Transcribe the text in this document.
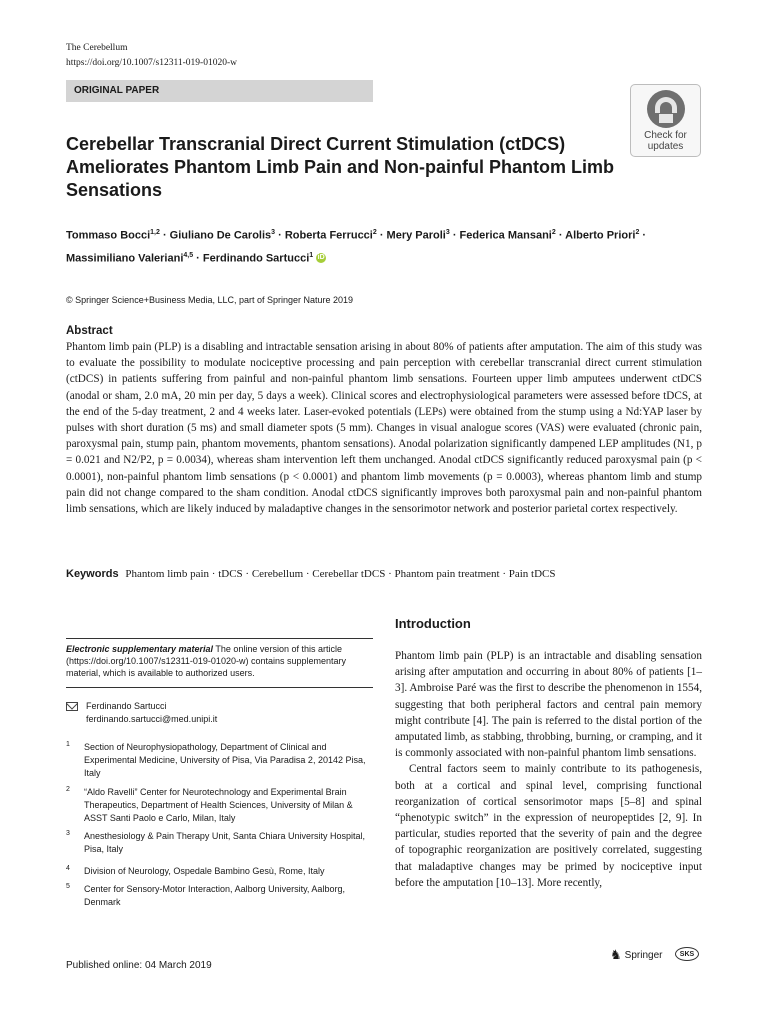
The Cerebellum
https://doi.org/10.1007/s12311-019-01020-w
ORIGINAL PAPER
Check for
updates
Cerebellar Transcranial Direct Current Stimulation (ctDCS) Ameliorates Phantom Limb Pain and Non-painful Phantom Limb Sensations
Tommaso Bocci$^{1,2}$ · Giuliano De Carolis$^3$ · Roberta Ferrucci$^2$ · Mery Paroli$^3$ · Federica Mansani$^2$ · Alberto Priori$^2$ ·
Massimiliano Valeriani$^{4,5}$ · Ferdinando Sartucci$^1$ iD
© Springer Science+Business Media, LLC, part of Springer Nature 2019
Abstract
Phantom limb pain (PLP) is a disabling and intractable sensation arising in about 80% of patients after amputation. The aim of this study was to evaluate the possibility to modulate nociceptive processing and pain perception with cerebellar transcranial direct current stimulation (ctDCS) in patients suffering from painful and non-painful phantom limb sensations. Fourteen upper limb amputees underwent ctDCS (anodal or sham, 2.0 mA, 20 min per day, 5 days a week). Clinical scores and electrophysiological parameters were assessed before tDCS, at the end of the 5-day treatment, 2 and 4 weeks later. Laser-evoked potentials (LEPs) were obtained from the stump using a Nd:YAP laser by pulses with short duration (5 ms) and small diameter spots (5 mm). Changes in visual analogue scores (VAS) were evaluated (chronic pain, paroxysmal pain, stump pain, phantom movements, phantom sensations). Anodal polarization significantly dampened LEP amplitudes (N1, p = 0.021 and N2/P2, p = 0.0034), whereas sham intervention left them unchanged. Anodal ctDCS significantly reduced paroxysmal pain (p < 0.0001), non-painful phantom limb sensations (p < 0.0001) and phantom limb movements (p = 0.0003), whereas phantom limb and stump pain did not change compared to the sham condition. Anodal ctDCS significantly improves both paroxysmal pain and non-painful phantom limb sensations, which are likely induced by maladaptive changes in the sensorimotor network and posterior parietal cortex respectively.
Keywords Phantom limb pain · tDCS · Cerebellum · Cerebellar tDCS · Phantom pain treatment · Pain tDCS
Electronic supplementary material The online version of this article (https://doi.org/10.1007/s12311-019-01020-w) contains supplementary material, which is available to authorized users.
Ferdinando Sartucci
ferdinando.sartucci@med.unipi.it
1 Section of Neurophysiopathology, Department of Clinical and Experimental Medicine, University of Pisa, Via Paradisa 2, 20142 Pisa, Italy
2 “Aldo Ravelli” Center for Neurotechnology and Experimental Brain Therapeutics, Department of Health Sciences, University of Milan & ASST Santi Paolo e Carlo, Milan, Italy
3 Anesthesiology & Pain Therapy Unit, Santa Chiara University Hospital, Pisa, Italy
4 Division of Neurology, Ospedale Bambino Gesù, Rome, Italy
5 Center for Sensory-Motor Interaction, Aalborg University, Aalborg, Denmark
Published online: 04 March 2019
Introduction

Phantom limb pain (PLP) is an intractable and disabling sensation arising after amputation and occurring in about 80% of patients [1–3]. Ambroise Paré was the first to describe the phenomenon in 1554, suggesting that both peripheral factors and central pain memory might contribute [4]. The pain is referred to the distal portion of the amputated limb, as stabbing, throbbing, burning, or cramping, and it is commonly associated with non-painful phantom limb sensations.

Central factors seem to mainly contribute to its pathogenesis, both at a cortical and spinal level, comprising functional reorganization of cortical sensorimotor maps [5–8] and spinal “phenotypic switch” in the expression of neuropeptides [2, 9]. In particular, studies reported that the severity of pain and the degree of topographic reorganization are positively correlated, suggesting that maladaptive changes may be primed by nociceptive input before the amputation [10–13]. More recently,

♞ Springer	SKS
